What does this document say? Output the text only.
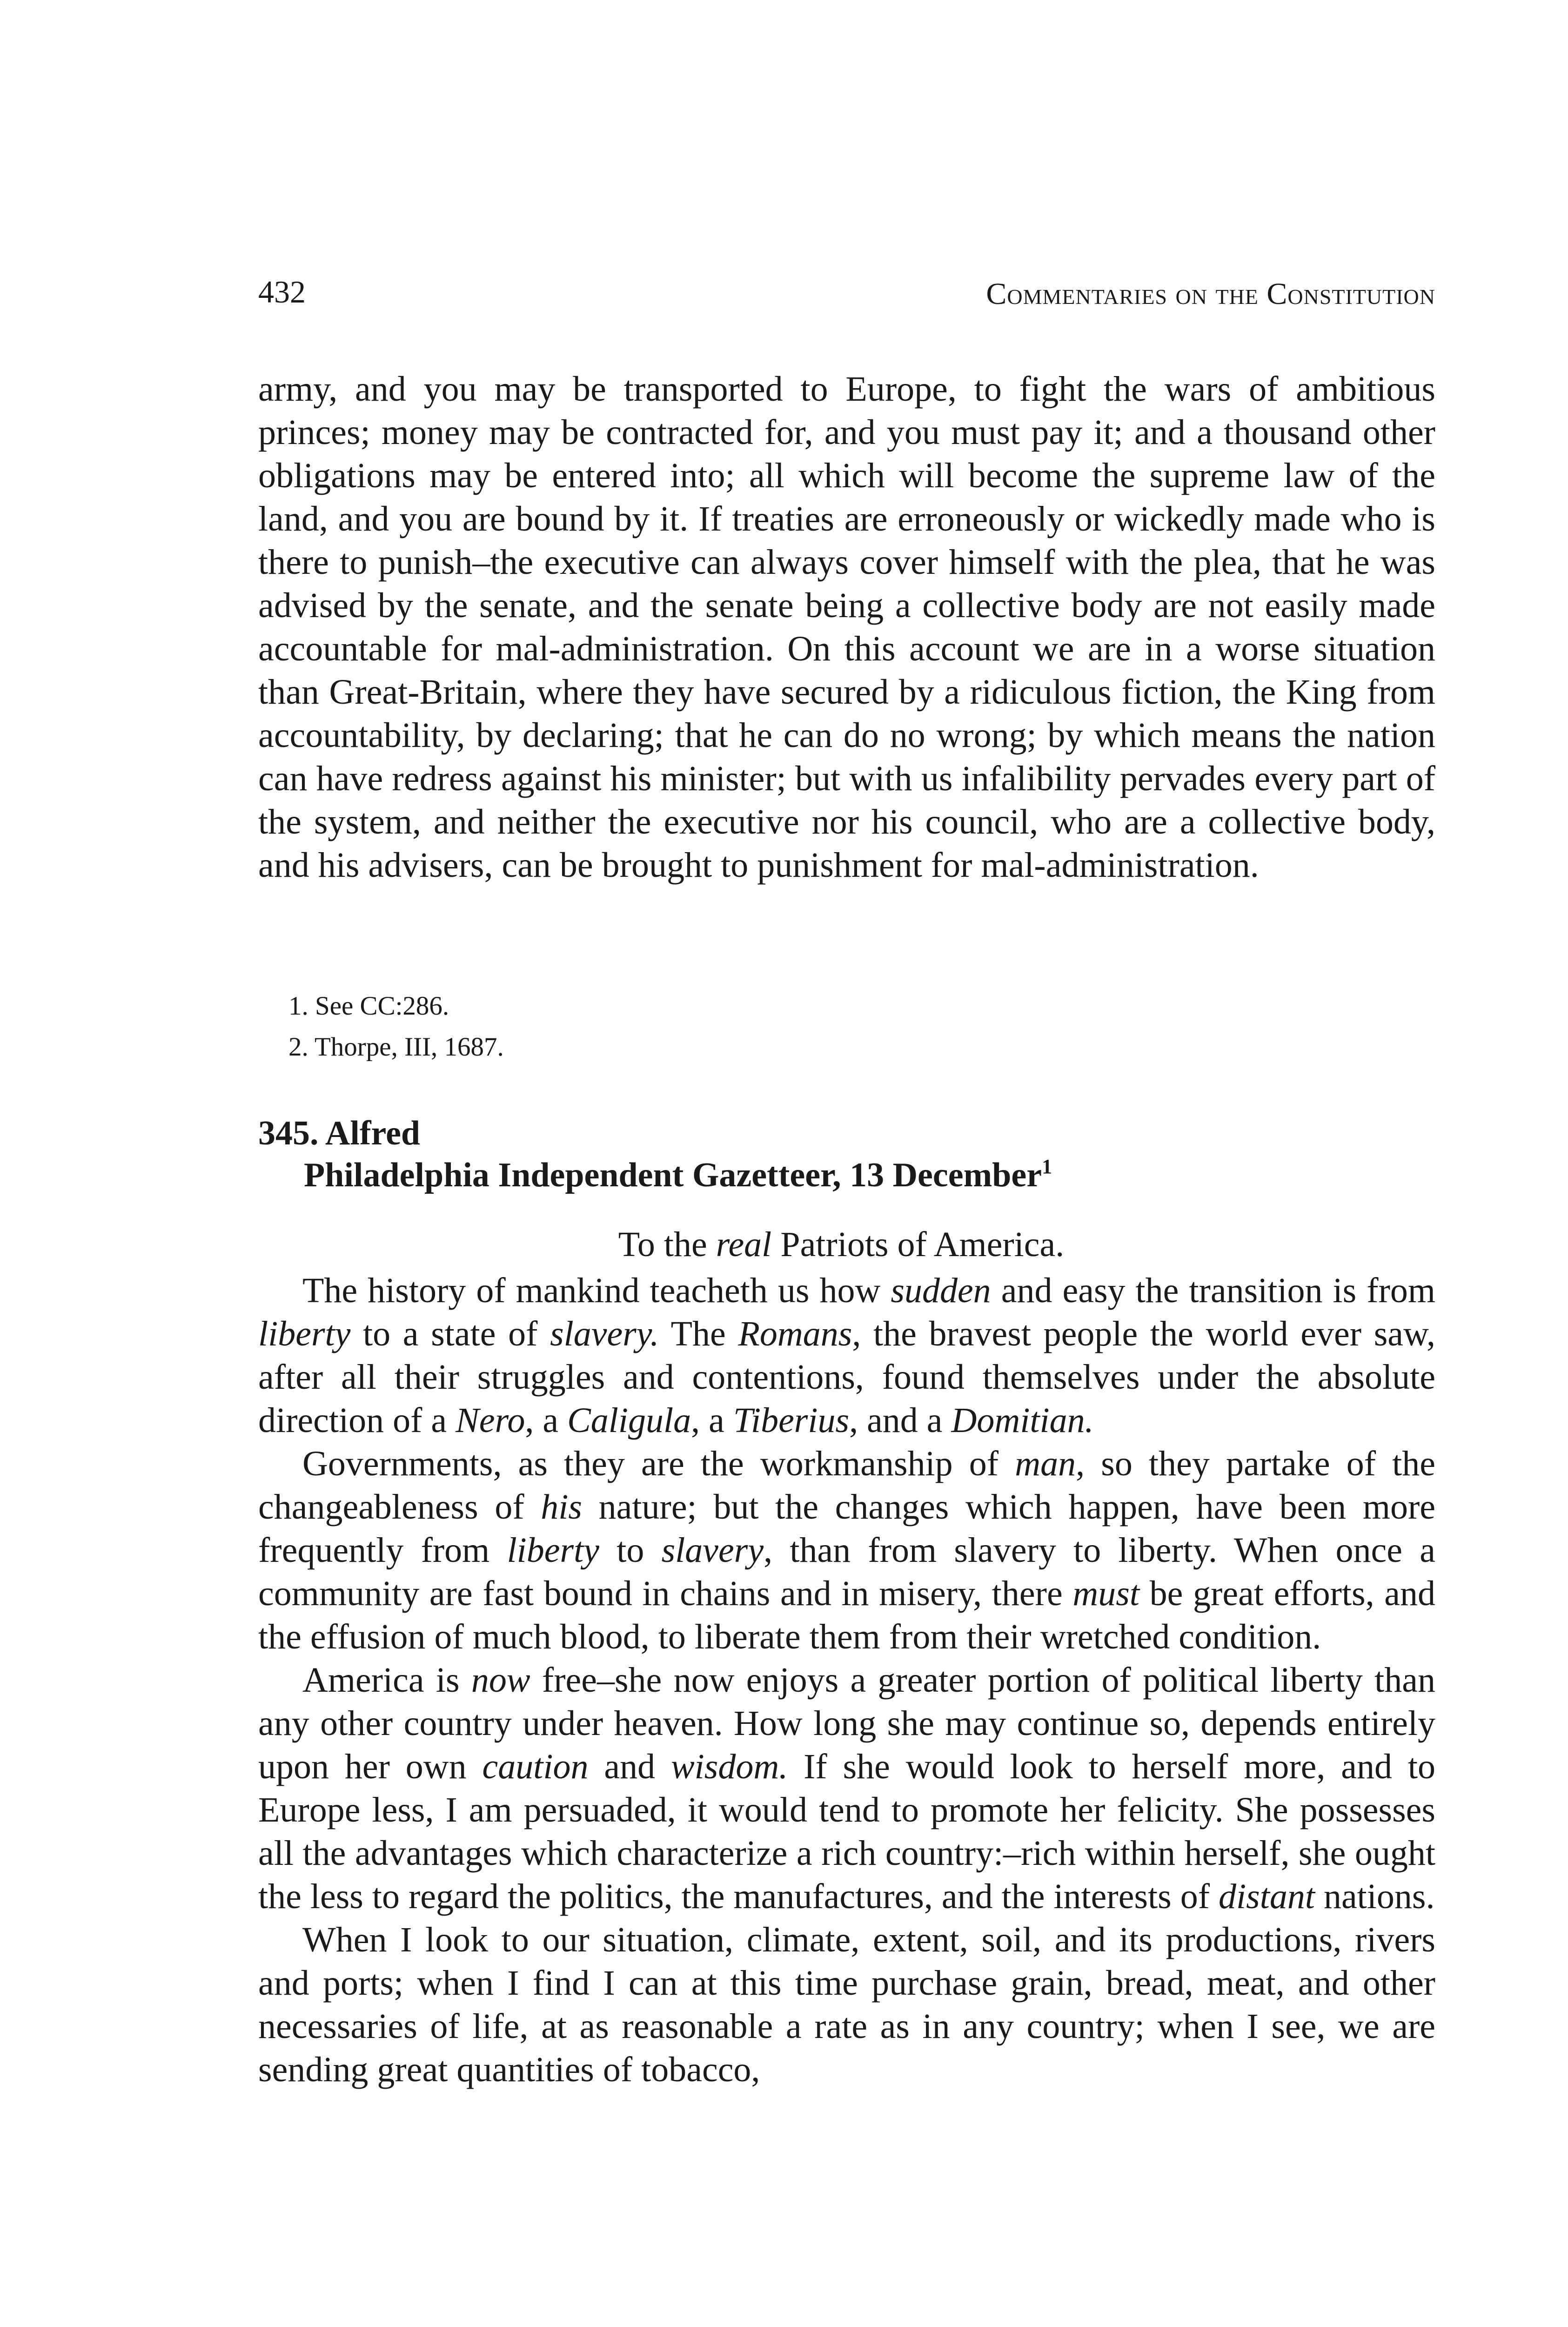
432	Commentaries on the Constitution

army, and you may be transported to Europe, to fight the wars of ambitious princes; money may be contracted for, and you must pay it; and a thousand other obligations may be entered into; all which will become the supreme law of the land, and you are bound by it. If treaties are erroneously or wickedly made who is there to punish–the executive can always cover himself with the plea, that he was advised by the senate, and the senate being a collective body are not easily made accountable for mal-administration. On this account we are in a worse situation than Great-Britain, where they have secured by a ridiculous fiction, the King from accountability, by declaring; that he can do no wrong; by which means the nation can have redress against his minister; but with us infalibility pervades every part of the system, and neither the executive nor his council, who are a collective body, and his advisers, can be brought to punishment for mal-administration.

1. See CC:286.
2. Thorpe, III, 1687.
345. Alfred
Philadelphia Independent Gazetteer, 13 December$^1$
To the real Patriots of America.

The history of mankind teacheth us how sudden and easy the transition is from liberty to a state of slavery. The Romans, the bravest people the world ever saw, after all their struggles and contentions, found themselves under the absolute direction of a Nero, a Caligula, a Tiberius, and a Domitian.

Governments, as they are the workmanship of man, so they partake of the changeableness of his nature; but the changes which happen, have been more frequently from liberty to slavery, than from slavery to liberty. When once a community are fast bound in chains and in misery, there must be great efforts, and the effusion of much blood, to liberate them from their wretched condition.

America is now free–she now enjoys a greater portion of political liberty than any other country under heaven. How long she may continue so, depends entirely upon her own caution and wisdom. If she would look to herself more, and to Europe less, I am persuaded, it would tend to promote her felicity. She possesses all the advantages which characterize a rich country:–rich within herself, she ought the less to regard the politics, the manufactures, and the interests of distant nations.

When I look to our situation, climate, extent, soil, and its productions, rivers and ports; when I find I can at this time purchase grain, bread, meat, and other necessaries of life, at as reasonable a rate as in any country; when I see, we are sending great quantities of tobacco,
